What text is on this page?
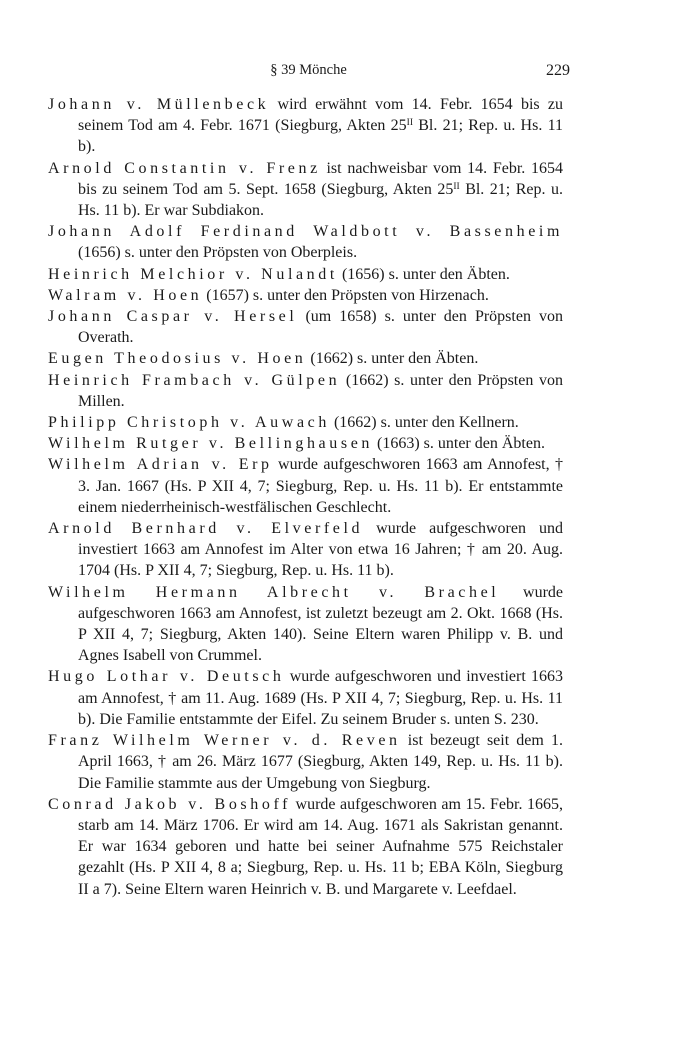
§ 39 Mönche	229

Johann v. Müllenbeck wird erwähnt vom 14. Febr. 1654 bis zu seinem Tod am 4. Febr. 1671 (Siegburg, Akten $25^{II}$ Bl. 21; Rep. u. Hs. 11 b).

Arnold Constantin v. Frenz ist nachweisbar vom 14. Febr. 1654 bis zu seinem Tod am 5. Sept. 1658 (Siegburg, Akten $25^{II}$ Bl. 21; Rep. u. Hs. 11 b). Er war Subdiakon.

Johann Adolf Ferdinand Waldbott v. Bassenheim (1656) s. unter den Pröpsten von Oberpleis.

Heinrich Melchior v. Nulandt (1656) s. unter den Äbten.

Walram v. Hoen (1657) s. unter den Pröpsten von Hirzenach.

Johann Caspar v. Hersel (um 1658) s. unter den Pröpsten von Overath.

Eugen Theodosius v. Hoen (1662) s. unter den Äbten.

Heinrich Frambach v. Gülpen (1662) s. unter den Pröpsten von Millen.

Philipp Christoph v. Auwach (1662) s. unter den Kellnern.

Wilhelm Rutger v. Bellinghausen (1663) s. unter den Äbten.

Wilhelm Adrian v. Erp wurde aufgeschworen 1663 am Annofest, † 3. Jan. 1667 (Hs. P XII 4, 7; Siegburg, Rep. u. Hs. 11 b). Er entstammte einem niederrheinisch-westfälischen Geschlecht.

Arnold Bernhard v. Elverfeld wurde aufgeschworen und investiert 1663 am Annofest im Alter von etwa 16 Jahren; † am 20. Aug. 1704 (Hs. P XII 4, 7; Siegburg, Rep. u. Hs. 11 b).

Wilhelm Hermann Albrecht v. Brachel wurde aufgeschworen 1663 am Annofest, ist zuletzt bezeugt am 2. Okt. 1668 (Hs. P XII 4, 7; Siegburg, Akten 140). Seine Eltern waren Philipp v. B. und Agnes Isabell von Crummel.

Hugo Lothar v. Deutsch wurde aufgeschworen und investiert 1663 am Annofest, † am 11. Aug. 1689 (Hs. P XII 4, 7; Siegburg, Rep. u. Hs. 11 b). Die Familie entstammte der Eifel. Zu seinem Bruder s. unten S. 230.

Franz Wilhelm Werner v. d. Reven ist bezeugt seit dem 1. April 1663, † am 26. März 1677 (Siegburg, Akten 149, Rep. u. Hs. 11 b). Die Familie stammte aus der Umgebung von Siegburg.

Conrad Jakob v. Boshoff wurde aufgeschworen am 15. Febr. 1665, starb am 14. März 1706. Er wird am 14. Aug. 1671 als Sakristan genannt. Er war 1634 geboren und hatte bei seiner Aufnahme 575 Reichstaler gezahlt (Hs. P XII 4, 8 a; Siegburg, Rep. u. Hs. 11 b; EBA Köln, Siegburg II a 7). Seine Eltern waren Heinrich v. B. und Margarete v. Leefdael.
